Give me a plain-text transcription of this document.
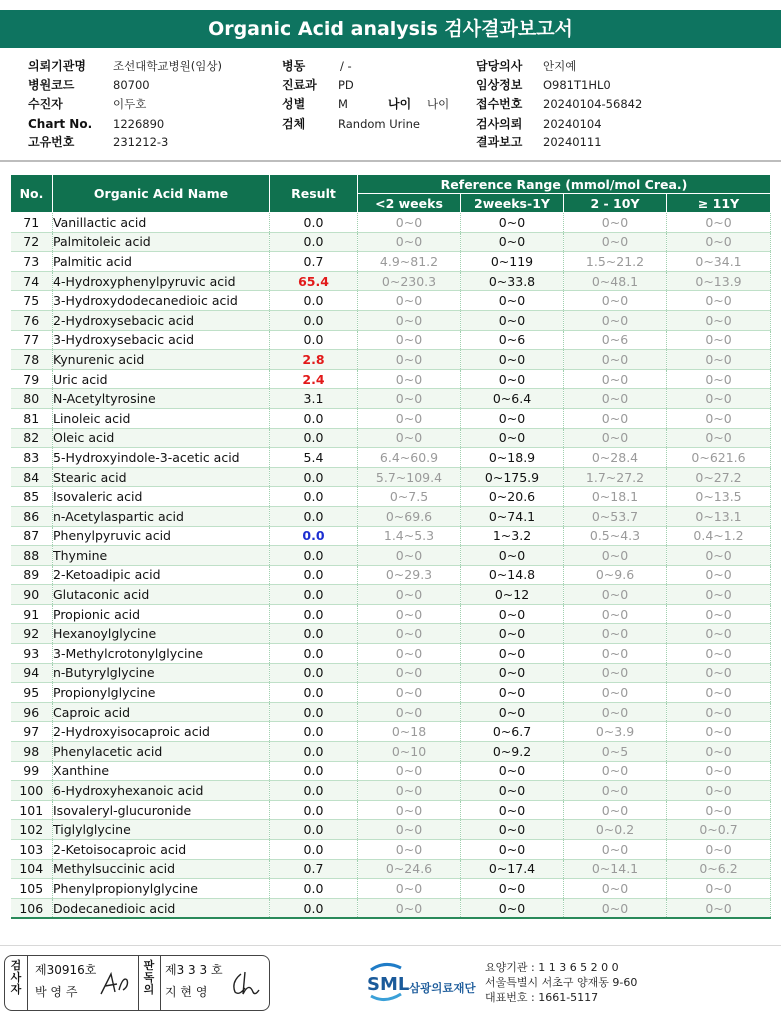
Organic Acid analysis 검사결과보고서
의뢰기관명 조선대학교병원(임상)
병원코드	80700
수진자	이두호
Chart No. 1226890
고유번호	231212-3
병동	/ -
진료과 PD
성별	M	나이 나이
검체	Random Urine
담당의사 안지예
임상정보 O981T1HL0
접수번호 20240104-56842
검사의뢰 20240104
결과보고 20240111
No.	Organic Acid Name	Result	Reference Range (mmol/mol Crea.)			
			<2 weeks	2weeks-1Y	2 - 10Y	≥ 11Y
71	Vanillactic acid	0.0	0~0	0~0	0~0	0~0
72	Palmitoleic acid	0.0	0~0	0~0	0~0	0~0
73	Palmitic acid	0.7	4.9~81.2	0~119	1.5~21.2	0~34.1
74	4-Hydroxyphenylpyruvic acid	65.4	0~230.3	0~33.8	0~48.1	0~13.9
75	3-Hydroxydodecanedioic acid	0.0	0~0	0~0	0~0	0~0
76	2-Hydroxysebacic acid	0.0	0~0	0~0	0~0	0~0
77	3-Hydroxysebacic acid	0.0	0~0	0~6	0~6	0~0
78	Kynurenic acid	2.8	0~0	0~0	0~0	0~0
79	Uric acid	2.4	0~0	0~0	0~0	0~0
80	N-Acetyltyrosine	3.1	0~0	0~6.4	0~0	0~0
81	Linoleic acid	0.0	0~0	0~0	0~0	0~0
82	Oleic acid	0.0	0~0	0~0	0~0	0~0
83	5-Hydroxyindole-3-acetic acid	5.4	6.4~60.9	0~18.9	0~28.4	0~621.6
84	Stearic acid	0.0	5.7~109.4	0~175.9	1.7~27.2	0~27.2
85	Isovaleric acid	0.0	0~7.5	0~20.6	0~18.1	0~13.5
86	n-Acetylaspartic acid	0.0	0~69.6	0~74.1	0~53.7	0~13.1
87	Phenylpyruvic acid	0.0	1.4~5.3	1~3.2	0.5~4.3	0.4~1.2
88	Thymine	0.0	0~0	0~0	0~0	0~0
89	2-Ketoadipic acid	0.0	0~29.3	0~14.8	0~9.6	0~0
90	Glutaconic acid	0.0	0~0	0~12	0~0	0~0
91	Propionic acid	0.0	0~0	0~0	0~0	0~0
92	Hexanoylglycine	0.0	0~0	0~0	0~0	0~0
93	3-Methylcrotonylglycine	0.0	0~0	0~0	0~0	0~0
94	n-Butyrylglycine	0.0	0~0	0~0	0~0	0~0
95	Propionylglycine	0.0	0~0	0~0	0~0	0~0
96	Caproic acid	0.0	0~0	0~0	0~0	0~0
97	2-Hydroxyisocaproic acid	0.0	0~18	0~6.7	0~3.9	0~0
98	Phenylacetic acid	0.0	0~10	0~9.2	0~5	0~0
99	Xanthine	0.0	0~0	0~0	0~0	0~0
100	6-Hydroxyhexanoic acid	0.0	0~0	0~0	0~0	0~0
101	Isovaleryl-glucuronide	0.0	0~0	0~0	0~0	0~0
102	Tiglylglycine	0.0	0~0	0~0	0~0.2	0~0.7
103	2-Ketoisocaproic acid	0.0	0~0	0~0	0~0	0~0
104	Methylsuccinic acid	0.7	0~24.6	0~17.4	0~14.1	0~6.2
105	Phenylpropionylglycine	0.0	0~0	0~0	0~0	0~0
106	Dodecanedioic acid	0.0	0~0	0~0	0~0	0~0
검
사
자
제30916호
박 영 주
판
독
의
제3 3 3 호
지 현 영	SML 삼광의료재단
요양기관 : 1 1 3 6 5 2 0 0
서울특별시 서초구 양재동 9-60
대표번호 : 1661-5117
